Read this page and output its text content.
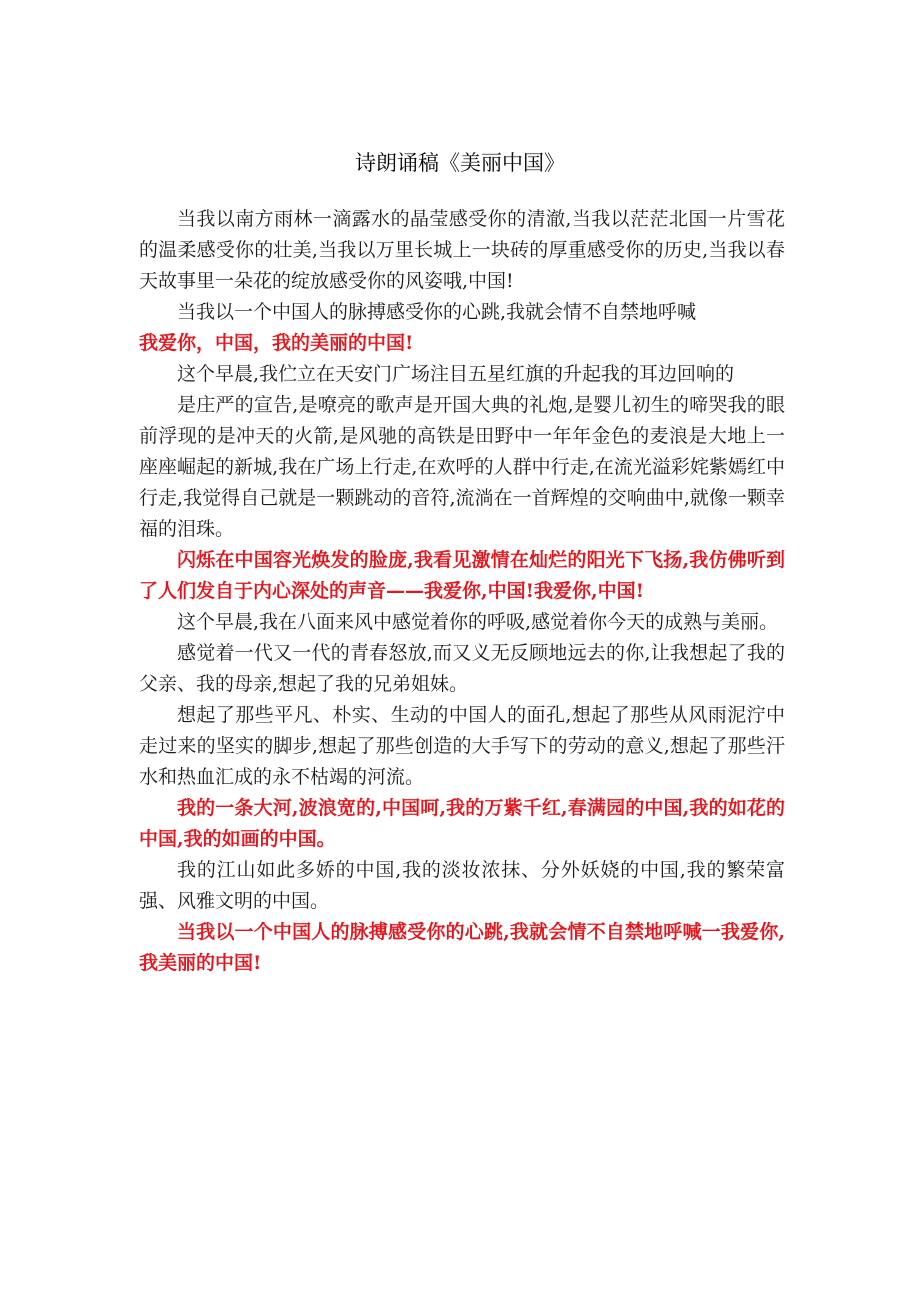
诗朗诵稿《美丽中国》

当我以南方雨林一滴露水的晶莹感受你的清澈,当我以茫茫北国一片雪花的温柔感受你的壮美,当我以万里长城上一块砖的厚重感受你的历史,当我以春天故事里一朵花的绽放感受你的风姿哦,中国!

当我以一个中国人的脉搏感受你的心跳,我就会情不自禁地呼喊

我爱你，中国，我的美丽的中国!

这个早晨,我伫立在天安门广场注目五星红旗的升起我的耳边回响的

是庄严的宣告,是嘹亮的歌声是开国大典的礼炮,是婴儿初生的啼哭我的眼前浮现的是冲天的火箭,是风驰的高铁是田野中一年年金色的麦浪是大地上一座座崛起的新城,我在广场上行走,在欢呼的人群中行走,在流光溢彩姹紫嫣红中行走,我觉得自己就是一颗跳动的音符,流淌在一首辉煌的交响曲中,就像一颗幸福的泪珠。

闪烁在中国容光焕发的脸庞,我看见激情在灿烂的阳光下飞扬,我仿佛听到了人们发自于内心深处的声音——我爱你,中国!我爱你,中国!

这个早晨,我在八面来风中感觉着你的呼吸,感觉着你今天的成熟与美丽。

感觉着一代又一代的青春怒放,而又义无反顾地远去的你,让我想起了我的父亲、我的母亲,想起了我的兄弟姐妹。

想起了那些平凡、朴实、生动的中国人的面孔,想起了那些从风雨泥泞中走过来的坚实的脚步,想起了那些创造的大手写下的劳动的意义,想起了那些汗水和热血汇成的永不枯竭的河流。

我的一条大河,波浪宽的,中国呵,我的万紫千红,春满园的中国,我的如花的中国,我的如画的中国。

我的江山如此多娇的中国,我的淡妆浓抹、分外妖娆的中国,我的繁荣富强、风雅文明的中国。

当我以一个中国人的脉搏感受你的心跳,我就会情不自禁地呼喊一我爱你,我美丽的中国!
